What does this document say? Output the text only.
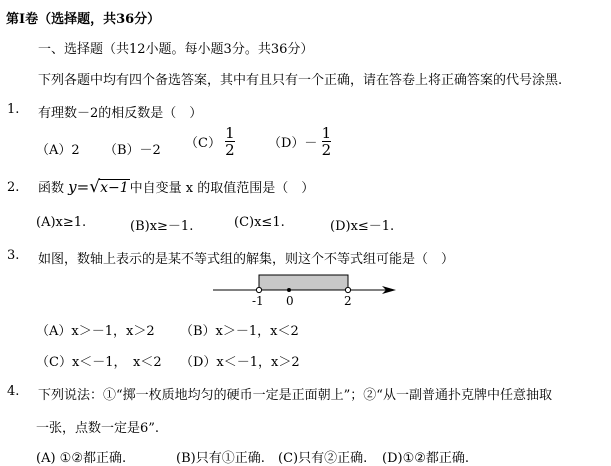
第Ⅰ卷（选择题，共36分）
一、选择题（共12小题。每小题3分。共36分）
下列各题中均有四个备选答案，其中有且只有一个正确，请在答卷上将正确答案的代号涂黑.
1. 有理数－2的相反数是（　）
（A）2 （B）－2 $(C) \frac{1}{2}$	$(D)- \frac{1}{2}$
2. 函数 y=√x−1中自变量 x 的取值范围是（　）
(A)x≥1.	(B)x≥－1.	(C)x≤1.	(D)x≤－1.
3. 如图，数轴上表示的是某不等式组的解集，则这个不等式组可能是（　）
-1 0	2
（A）x＞－1，x＞2 （B）x＞－1，x＜2
（C）x＜－1，　x＜2 （D）x＜－1，x＞2
4. 下列说法：①“掷一枚质地均匀的硬币一定是正面朝上”；②“从一副普通扑克牌中任意抽取
一张，点数一定是6”.
(A) ①②都正确.	(B)只有①正确. (C)只有②正确. (D)①②都正确.
